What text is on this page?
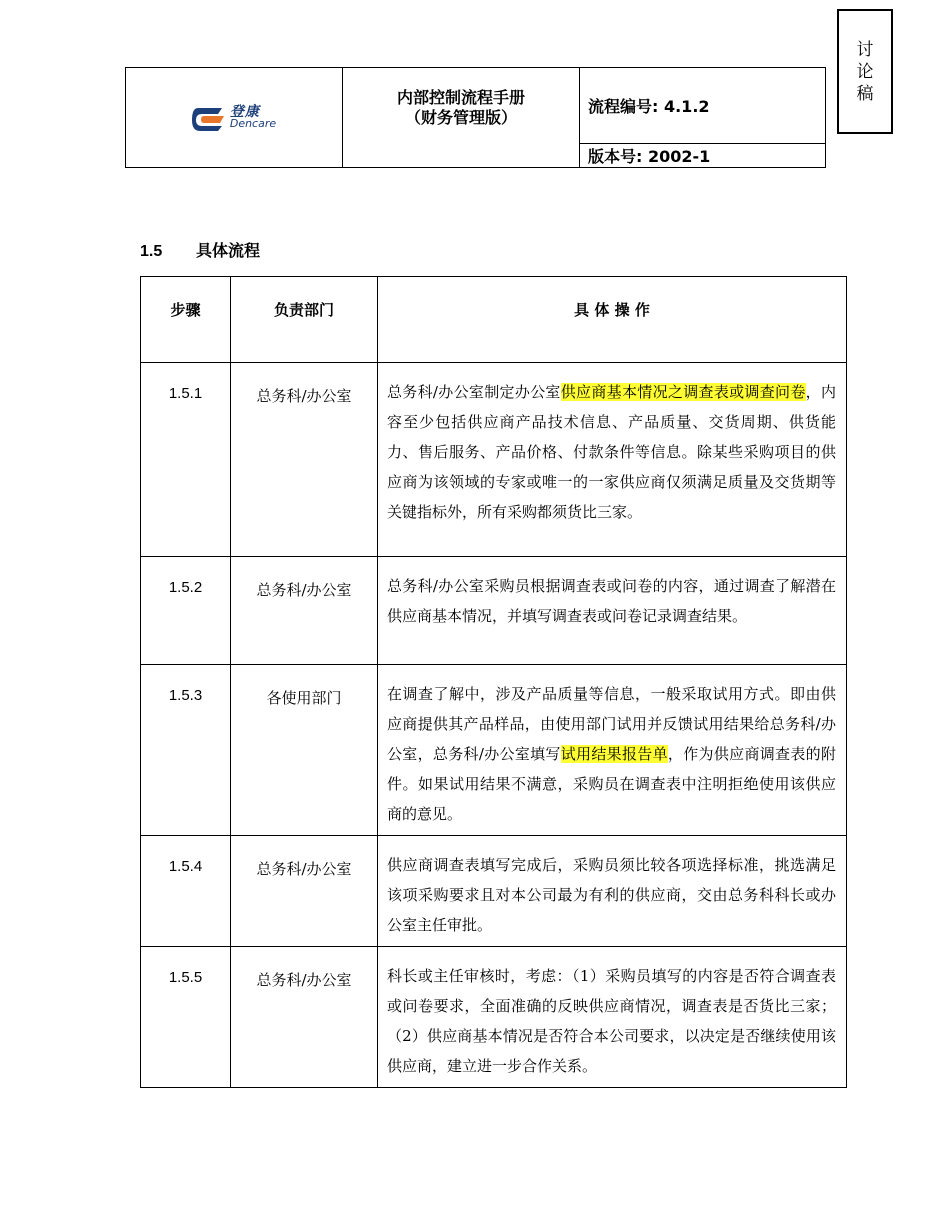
讨
论
稿
登康
Dencare

内部控制流程手册
（财务管理版）
	流程编号: 4.1.2
版本号: 2002-1
1.5 具体流程
步骤	负责部门	具 体 操 作
1.5.1	总务科/办公室	总务科/办公室制定办公室供应商基本情况之调查表或调查问卷，内容至少包括供应商产品技术信息、产品质量、交货周期、供货能力、售后服务、产品价格、付款条件等信息。除某些采购项目的供应商为该领域的专家或唯一的一家供应商仅须满足质量及交货期等关键指标外，所有采购都须货比三家。
1.5.2	总务科/办公室	总务科/办公室采购员根据调查表或问卷的内容，通过调查了解潜在供应商基本情况，并填写调查表或问卷记录调查结果。
1.5.3	各使用部门	在调查了解中，涉及产品质量等信息，一般采取试用方式。即由供应商提供其产品样品，由使用部门试用并反馈试用结果给总务科/办公室，总务科/办公室填写试用结果报告单，作为供应商调查表的附件。如果试用结果不满意，采购员在调查表中注明拒绝使用该供应商的意见。
1.5.4	总务科/办公室	供应商调查表填写完成后，采购员须比较各项选择标准，挑选满足该项采购要求且对本公司最为有利的供应商，交由总务科科长或办公室主任审批。
1.5.5	总务科/办公室	科长或主任审核时，考虑：（1）采购员填写的内容是否符合调查表或问卷要求，全面准确的反映供应商情况，调查表是否货比三家；（2）供应商基本情况是否符合本公司要求，以决定是否继续使用该供应商，建立进一步合作关系。
